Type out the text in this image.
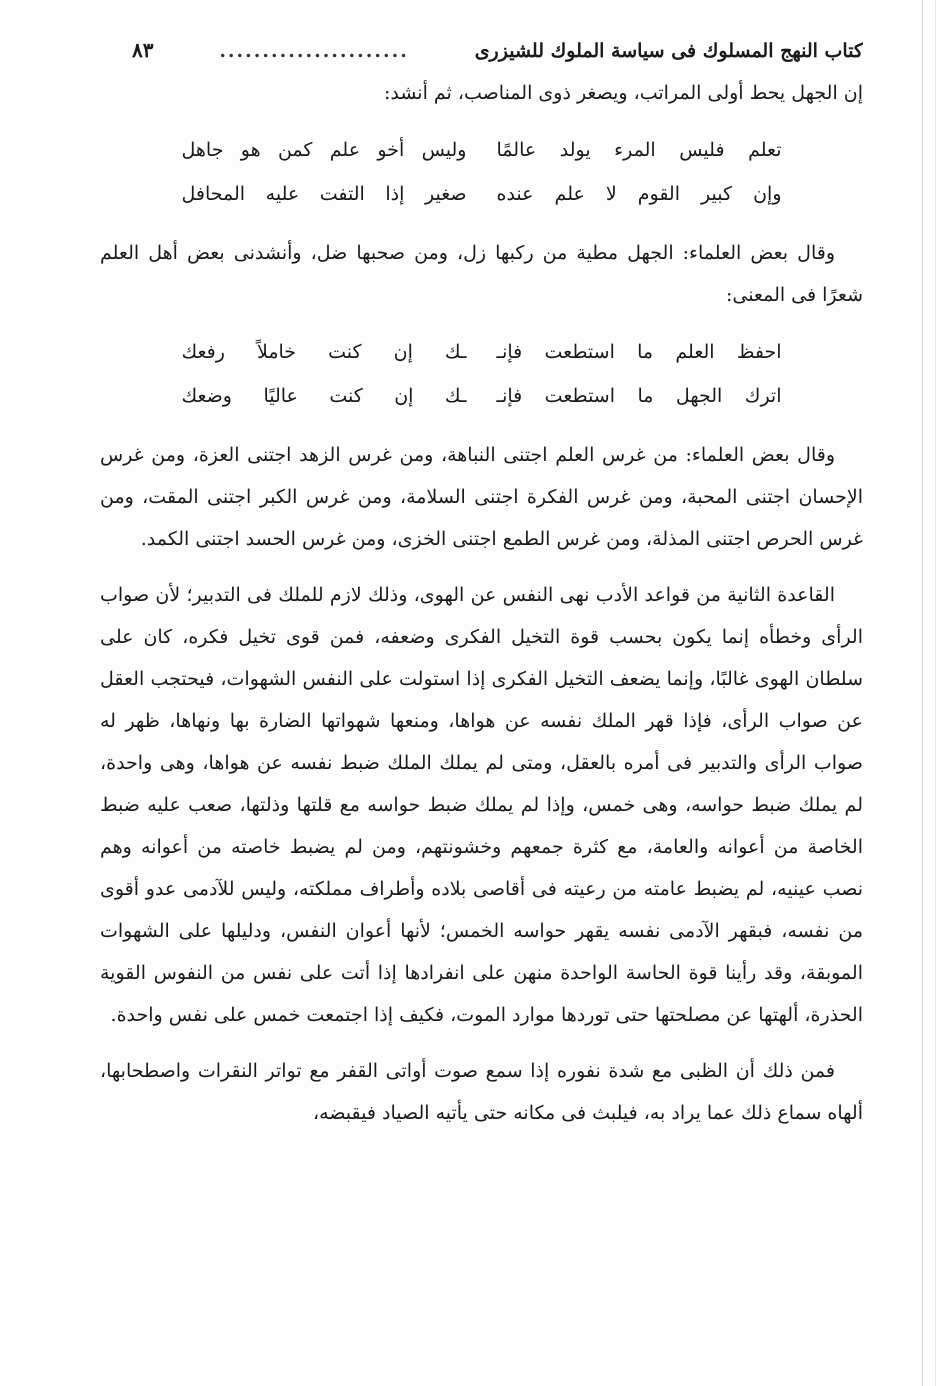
كتاب النهج المسلوك فى سياسة الملوك للشيزرى
......................
٨٣

إن الجهل يحط أولى المراتب، ويصغر ذوى المناصب، ثم أنشد:

تعلم فليس المرء يولد عالمًا
وليس أخو علم كمن هو جاهل
وإن كبير القوم لا علم عنده
صغير إذا التفت عليه المحافل

وقال بعض العلماء: الجهل مطية من ركبها زل، ومن صحبها ضل، وأنشدنى بعض أهل العلم شعرًا فى المعنى:

احفظ العلم ما استطعت فإنـ
ـك إن كنت خاملاً رفعك
اترك الجهل ما استطعت فإنـ
ـك إن كنت عاليًا وضعك

وقال بعض العلماء: من غرس العلم اجتنى النباهة، ومن غرس الزهد اجتنى العزة، ومن غرس الإحسان اجتنى المحبة، ومن غرس الفكرة اجتنى السلامة، ومن غرس الكبر اجتنى المقت، ومن غرس الحرص اجتنى المذلة، ومن غرس الطمع اجتنى الخزى، ومن غرس الحسد اجتنى الكمد.

القاعدة الثانية من قواعد الأدب نهى النفس عن الهوى، وذلك لازم للملك فى التدبير؛ لأن صواب الرأى وخطأه إنما يكون بحسب قوة التخيل الفكرى وضعفه، فمن قوى تخيل فكره، كان على سلطان الهوى غالبًا، وإنما يضعف التخيل الفكرى إذا استولت على النفس الشهوات، فيحتجب العقل عن صواب الرأى، فإذا قهر الملك نفسه عن هواها، ومنعها شهواتها الضارة بها ونهاها، ظهر له صواب الرأى والتدبير فى أمره بالعقل، ومتى لم يملك الملك ضبط نفسه عن هواها، وهى واحدة، لم يملك ضبط حواسه، وهى خمس، وإذا لم يملك ضبط حواسه مع قلتها وذلتها، صعب عليه ضبط الخاصة من أعوانه والعامة، مع كثرة جمعهم وخشونتهم، ومن لم يضبط خاصته من أعوانه وهم نصب عينيه، لم يضبط عامته من رعيته فى أقاصى بلاده وأطراف مملكته، وليس للآدمى عدو أقوى من نفسه، فبقهر الآدمى نفسه يقهر حواسه الخمس؛ لأنها أعوان النفس، ودليلها على الشهوات الموبقة، وقد رأينا قوة الحاسة الواحدة منهن على انفرادها إذا أتت على نفس من النفوس القوية الحذرة، ألهتها عن مصلحتها حتى توردها موارد الموت، فكيف إذا اجتمعت خمس على نفس واحدة.

فمن ذلك أن الظبى مع شدة نفوره إذا سمع صوت أواتى القفر مع تواتر النقرات واصطحابها، ألهاه سماع ذلك عما يراد به، فيلبث فى مكانه حتى يأتيه الصياد فيقبضه،
